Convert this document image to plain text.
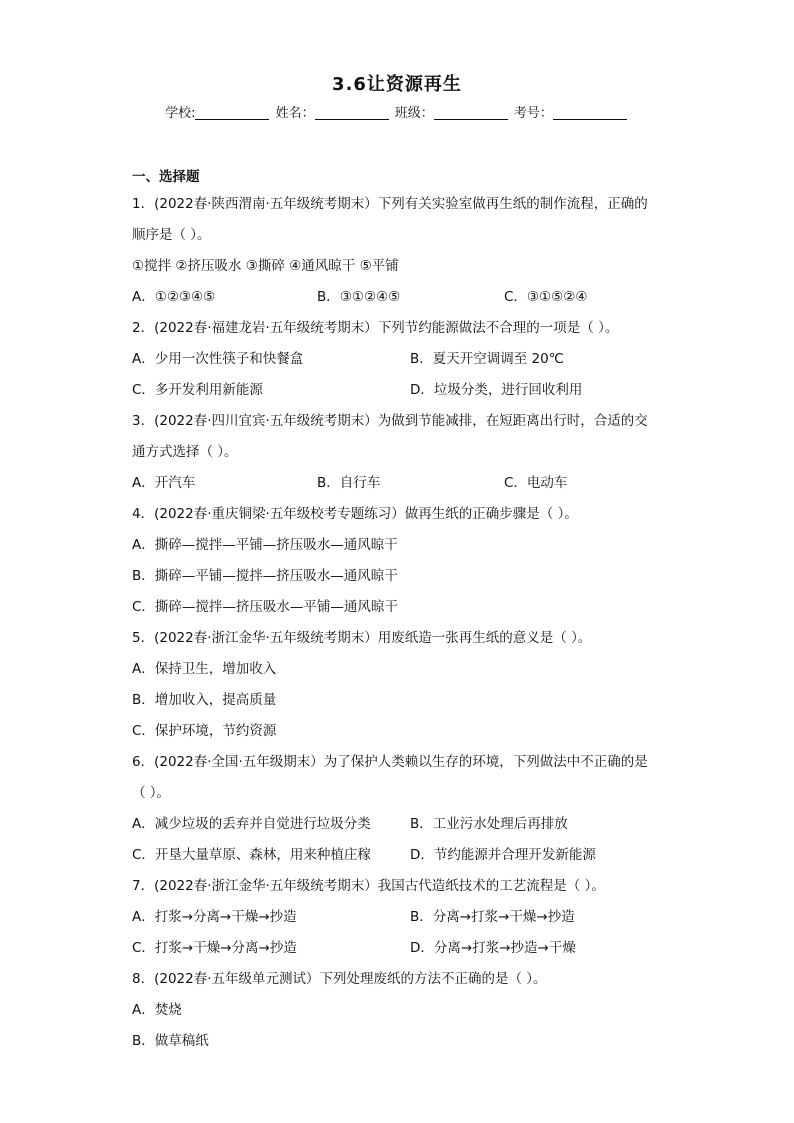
3.6让资源再生
学校:	姓名：	班级：	考号：
一、选择题
1．(2022春·陕西渭南·五年级统考期末）下列有关实验室做再生纸的制作流程，正确的
顺序是（ ）。
①搅拌 ②挤压吸水 ③撕碎 ④通风晾干 ⑤平铺
A．①②③④⑤	B．③①②④⑤	C．③①⑤②④
2．(2022春·福建龙岩·五年级统考期末）下列节约能源做法不合理的一项是（ ）。
A．少用一次性筷子和快餐盒	B．夏天开空调调至 20℃
C．多开发利用新能源	D．垃圾分类，进行回收利用
3．(2022春·四川宜宾·五年级统考期末）为做到节能减排，在短距离出行时，合适的交
通方式选择（ ）。
A．开汽车	B．自行车	C．电动车
4．(2022春·重庆铜梁·五年级校考专题练习）做再生纸的正确步骤是（ ）。
A．撕碎—搅拌—平铺—挤压吸水—通风晾干
B．撕碎—平铺—搅拌—挤压吸水—通风晾干
C．撕碎—搅拌—挤压吸水—平铺—通风晾干
5．(2022春·浙江金华·五年级统考期末）用废纸造一张再生纸的意义是（ ）。
A．保持卫生，增加收入
B．增加收入，提高质量
C．保护环境，节约资源
6．(2022春·全国·五年级期末）为了保护人类赖以生存的环境，下列做法中不正确的是
（ ）。
A．减少垃圾的丢弃并自觉进行垃圾分类	B．工业污水处理后再排放
C．开垦大量草原、森林，用来种植庄稼	D．节约能源并合理开发新能源
7．(2022春·浙江金华·五年级统考期末）我国古代造纸技术的工艺流程是（ ）。
A．打浆→分离→干燥→抄造	B．分离→打浆→干燥→抄造
C．打浆→干燥→分离→抄造	D．分离→打浆→抄造→干燥
8．(2022春·五年级单元测试）下列处理废纸的方法不正确的是（ ）。
A．焚烧
B．做草稿纸
